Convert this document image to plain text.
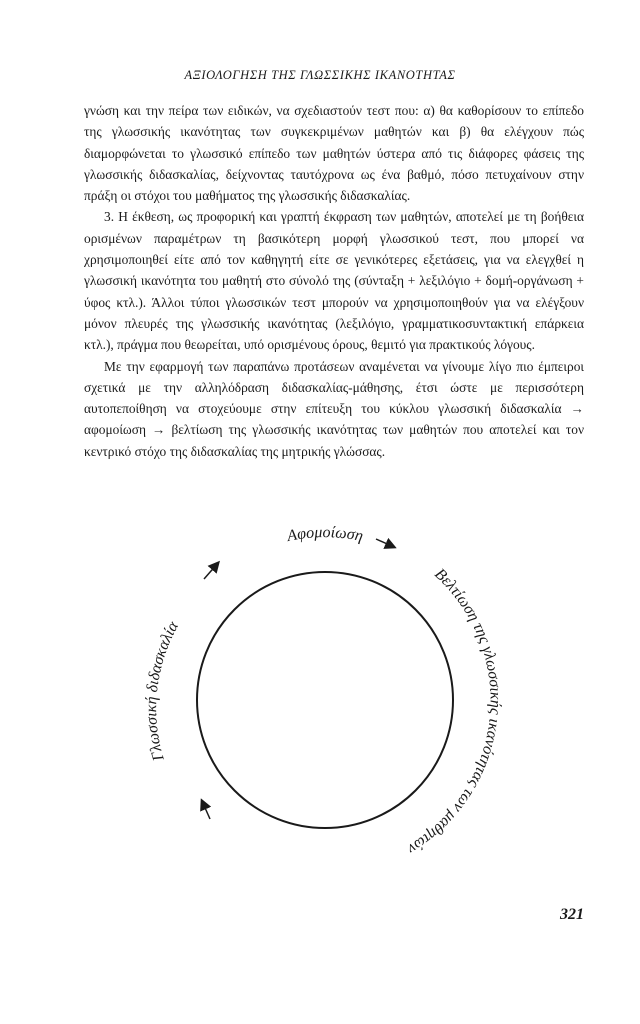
ΑΞΙΟΛΟΓΗΣΗ ΤΗΣ ΓΛΩΣΣΙΚΗΣ ΙΚΑΝΟΤΗΤΑΣ

γνώση και την πείρα των ειδικών, να σχεδιαστούν τεστ που: α) θα καθορίσουν το επίπεδο της γλωσσικής ικανότητας των συγκεκριμένων μαθητών και β) θα ελέγχουν πώς διαμορφώνεται το γλωσσικό επίπεδο των μαθητών ύστερα από τις διάφορες φάσεις της γλωσσικής διδασκαλίας, δείχνοντας ταυτόχρονα ως ένα βαθμό, πόσο πετυχαίνουν στην πράξη οι στόχοι του μαθήματος της γλωσσικής διδασκαλίας.

3. Η έκθεση, ως προφορική και γραπτή έκφραση των μαθητών, αποτελεί με τη βοήθεια ορισμένων παραμέτρων τη βασικότερη μορφή γλωσσικού τεστ, που μπορεί να χρησιμοποιηθεί είτε από τον καθηγητή είτε σε γενικότερες εξετάσεις, για να ελεγχθεί η γλωσσική ικανότητα του μαθητή στο σύνολό της (σύνταξη + λεξιλόγιο + δομή-οργάνωση + ύφος κτλ.). Άλλοι τύποι γλωσσικών τεστ μπορούν να χρησιμοποιηθούν για να ελέγξουν μόνον πλευρές της γλωσσικής ικανότητας (λεξιλόγιο, γραμματικοσυντακτική επάρκεια κτλ.), πράγμα που θεωρείται, υπό ορισμένους όρους, θεμιτό για πρακτικούς λόγους.

Με την εφαρμογή των παραπάνω προτάσεων αναμένεται να γίνουμε λίγο πιο έμπειροι σχετικά με την αλληλόδραση διδασκαλίας-μάθησης, έτσι ώστε με περισσότερη αυτοπεποίθηση να στοχεύουμε στην επίτευξη του κύκλου γλωσσική διδασκαλία → αφομοίωση → βελτίωση της γλωσσικής ικανότητας των μαθητών που αποτελεί και τον κεντρικό στόχο της διδασκαλίας της μητρικής γλώσσας.

Αφομοίωση
Βελτίωση της γλωσσικής ικανότητας των μαθητών
Γλωσσική διδασκαλία
321
